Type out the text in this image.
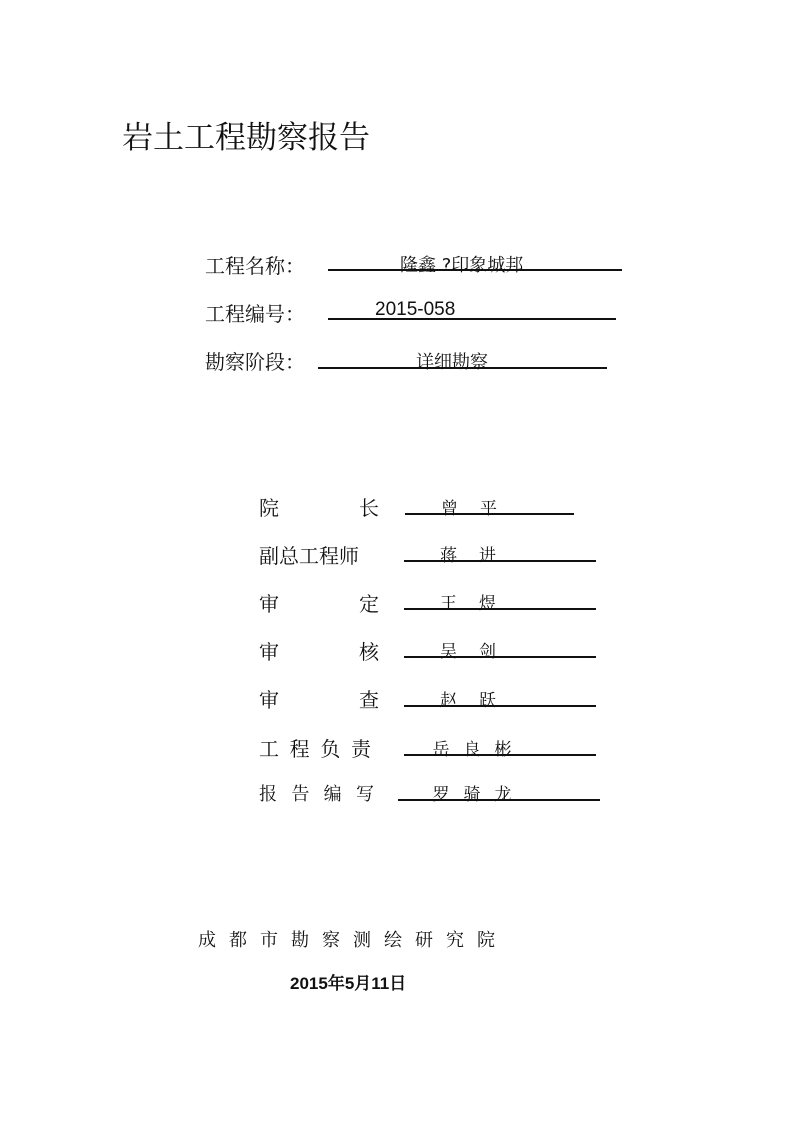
岩土工程勘察报告
工程名称：	隆鑫 ?印象城邦
工程编号：	2015-058
勘察阶段：	详细勘察
院	长	曾平
副总工程师	蒋进
审	定	王煜
审	核	吴剑
审	查	赵跃
工 程 负 责	岳良彬
报 告 编 写	罗骑龙
成都市勘察测绘研究院
2015年5月11日
